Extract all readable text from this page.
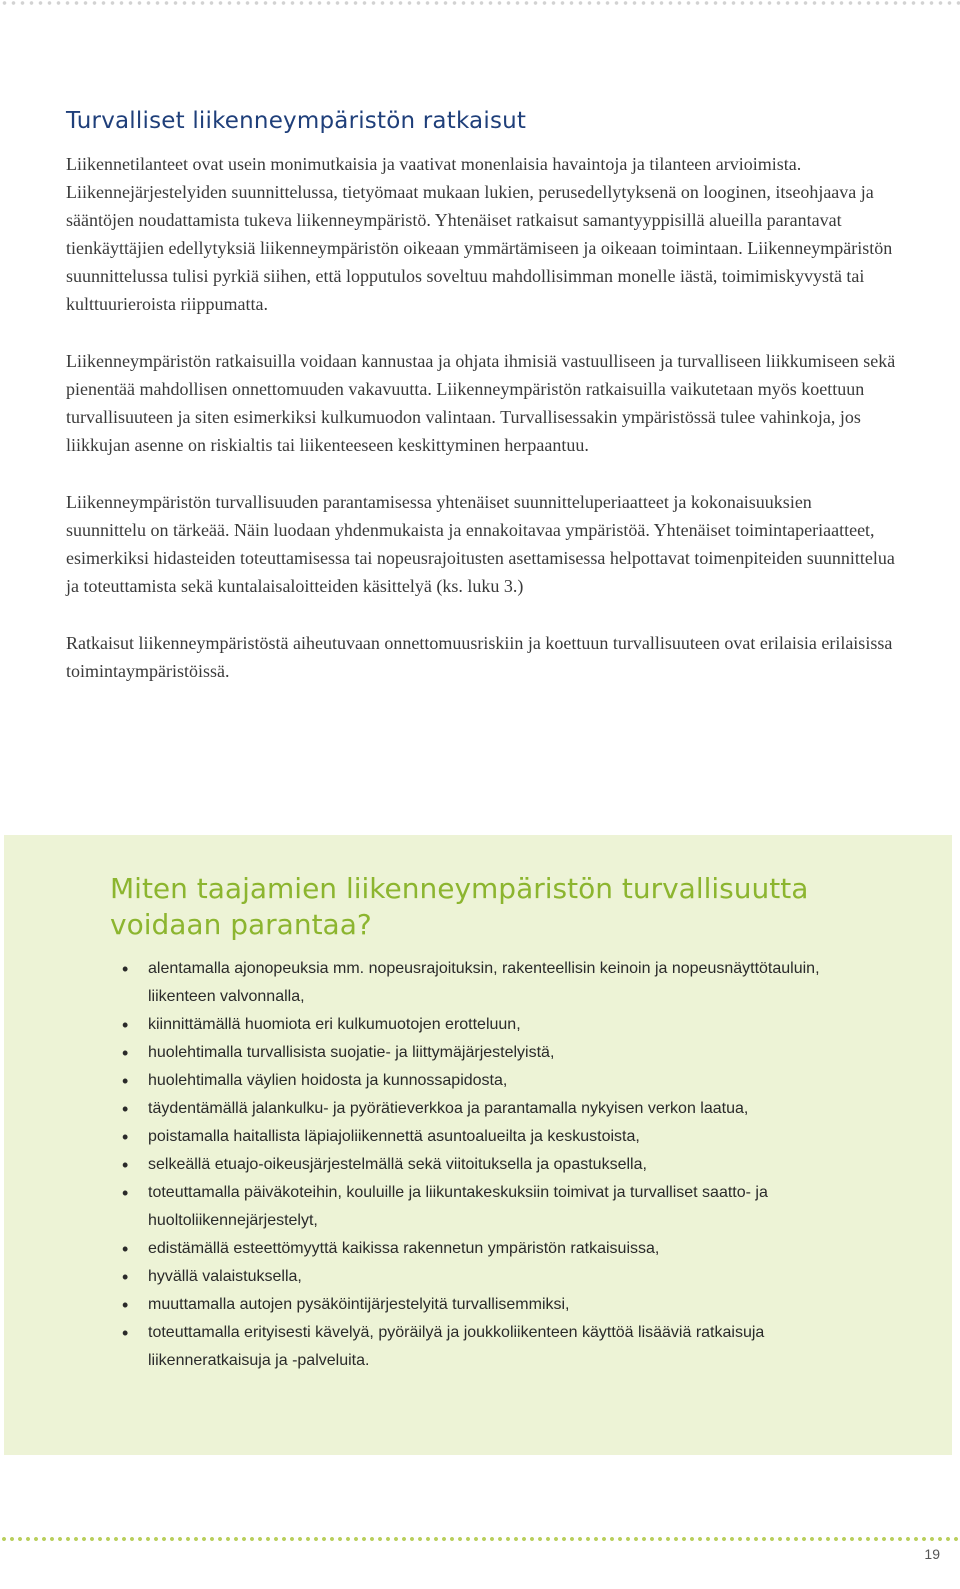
Turvalliset liikenneympäristön ratkaisut

Liikennetilanteet ovat usein monimutkaisia ja vaativat monenlaisia havaintoja ja tilanteen arvioimista. Liikennejärjestelyiden suunnittelussa, tietyömaat mukaan lukien, perusedellytyksenä on looginen, itseohjaava ja sääntöjen noudattamista tukeva liikenneympäristö. Yhtenäiset ratkaisut samantyyppisillä alueilla parantavat tienkäyttäjien edellytyksiä liikenneympäristön oikeaan ymmärtämiseen ja oikeaan toimintaan. Liikenneympäristön suunnittelussa tulisi pyrkiä siihen, että lopputulos soveltuu mahdollisimman monelle iästä, toimimiskyvystä tai kulttuurieroista riippumatta.

Liikenneympäristön ratkaisuilla voidaan kannustaa ja ohjata ihmisiä vastuulliseen ja turvalliseen liikkumiseen sekä pienentää mahdollisen onnettomuuden vakavuutta. Liikenneympäristön ratkaisuilla vaikutetaan myös koettuun turvallisuuteen ja siten esimerkiksi kulkumuodon valintaan. Turvallisessakin ympäristössä tulee vahinkoja, jos liikkujan asenne on riskialtis tai liikenteeseen keskittyminen herpaantuu.

Liikenneympäristön turvallisuuden parantamisessa yhtenäiset suunnitteluperiaatteet ja kokonaisuuksien suunnittelu on tärkeää. Näin luodaan yhdenmukaista ja ennakoitavaa ympäristöä. Yhtenäiset toimintaperiaatteet, esimerkiksi hidasteiden toteuttamisessa tai nopeusrajoitusten asettamisessa helpottavat toimenpiteiden suunnittelua ja toteuttamista sekä kuntalaisaloitteiden käsittelyä (ks. luku 3.)

Ratkaisut liikenneympäristöstä aiheutuvaan onnettomuusriskiin ja koettuun turvallisuuteen ovat erilaisia erilaisissa toimintaympäristöissä.

Miten taajamien liikenneympäristön turvallisuutta voidaan parantaa?
• alentamalla ajonopeuksia mm. nopeusrajoituksin, rakenteellisin keinoin ja nopeusnäyttötauluin, liikenteen valvonnalla,
• kiinnittämällä huomiota eri kulkumuotojen erotteluun,
• huolehtimalla turvallisista suojatie- ja liittymäjärjestelyistä,
• huolehtimalla väylien hoidosta ja kunnossapidosta,
• täydentämällä jalankulku- ja pyörätieverkkoa ja parantamalla nykyisen verkon laatua,
• poistamalla haitallista läpiajoliikennettä asuntoalueilta ja keskustoista,
• selkeällä etuajo-oikeusjärjestelmällä sekä viitoituksella ja opastuksella,
• toteuttamalla päiväkoteihin, kouluille ja liikuntakeskuksiin toimivat ja turvalliset saatto- ja huoltoliikennejärjestelyt,
• edistämällä esteettömyyttä kaikissa rakennetun ympäristön ratkaisuissa,
• hyvällä valaistuksella,
• muuttamalla autojen pysäköintijärjestelyitä turvallisemmiksi,
• toteuttamalla erityisesti kävelyä, pyöräilyä ja joukkoliikenteen käyttöä lisääviä ratkaisuja liikenneratkaisuja ja -palveluita.
19
